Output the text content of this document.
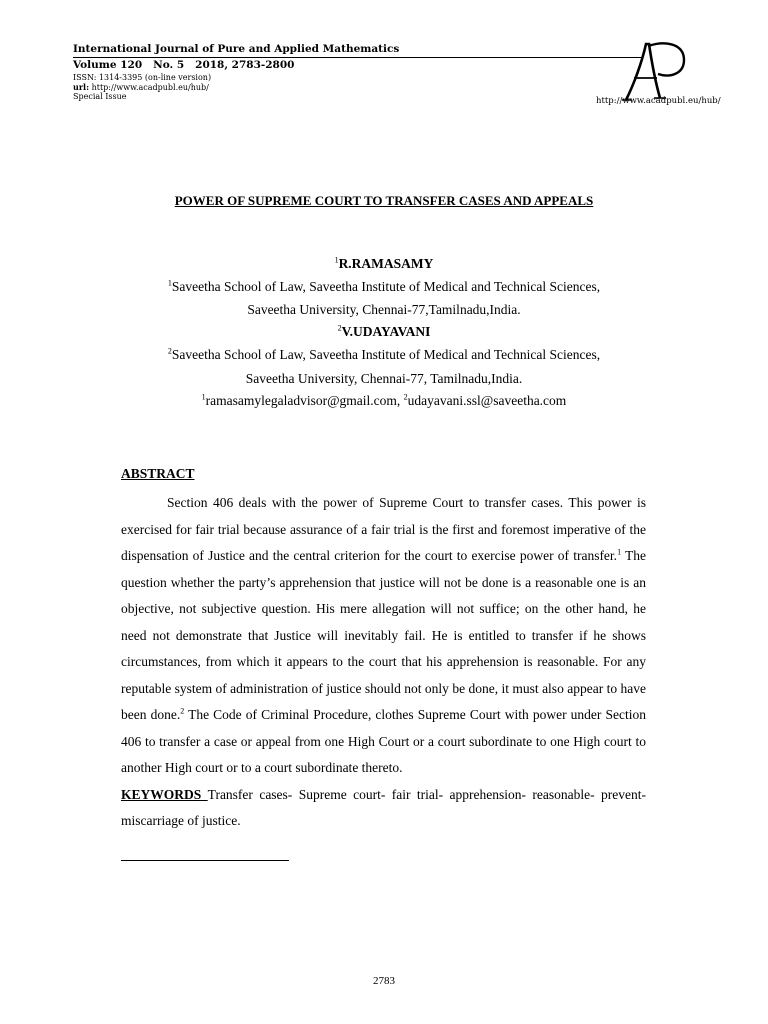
International Journal of Pure and Applied Mathematics
Volume 120   No. 5   2018, 2783-2800
ISSN: 1314-3395 (on-line version)
url: http://www.acadpubl.eu/hub/
Special Issue	http://www.acadpubl.eu/hub/
POWER OF SUPREME COURT TO TRANSFER CASES AND APPEALS
$^1$R.RAMASAMY
$^1$Saveetha School of Law, Saveetha Institute of Medical and Technical Sciences,
Saveetha University, Chennai-77,Tamilnadu,India.
$^2$V.UDAYAVANI
$^2$Saveetha School of Law, Saveetha Institute of Medical and Technical Sciences,
Saveetha University, Chennai-77, Tamilnadu,India.
$^1$ramasamylegaladvisor@gmail.com, $^2$udayavani.ssl@saveetha.com
ABSTRACT

Section 406 deals with the power of Supreme Court to transfer cases. This power is exercised for fair trial because assurance of a fair trial is the first and foremost imperative of the dispensation of Justice and the central criterion for the court to exercise power of transfer.$^1$ The question whether the party’s apprehension that justice will not be done is a reasonable one is an objective, not subjective question. His mere allegation will not suffice; on the other hand, he need not demonstrate that Justice will inevitably fail. He is entitled to transfer if he shows circumstances, from which it appears to the court that his apprehension is reasonable. For any reputable system of administration of justice should not only be done, it must also appear to have been done.$^2$ The Code of Criminal Procedure, clothes Supreme Court with power under Section 406 to transfer a case or appeal from one High Court or a court subordinate to one High court to another High court or to a court subordinate thereto.

KEYWORDS Transfer cases- Supreme court- fair trial- apprehension- reasonable- prevent- miscarriage of justice.
2783
